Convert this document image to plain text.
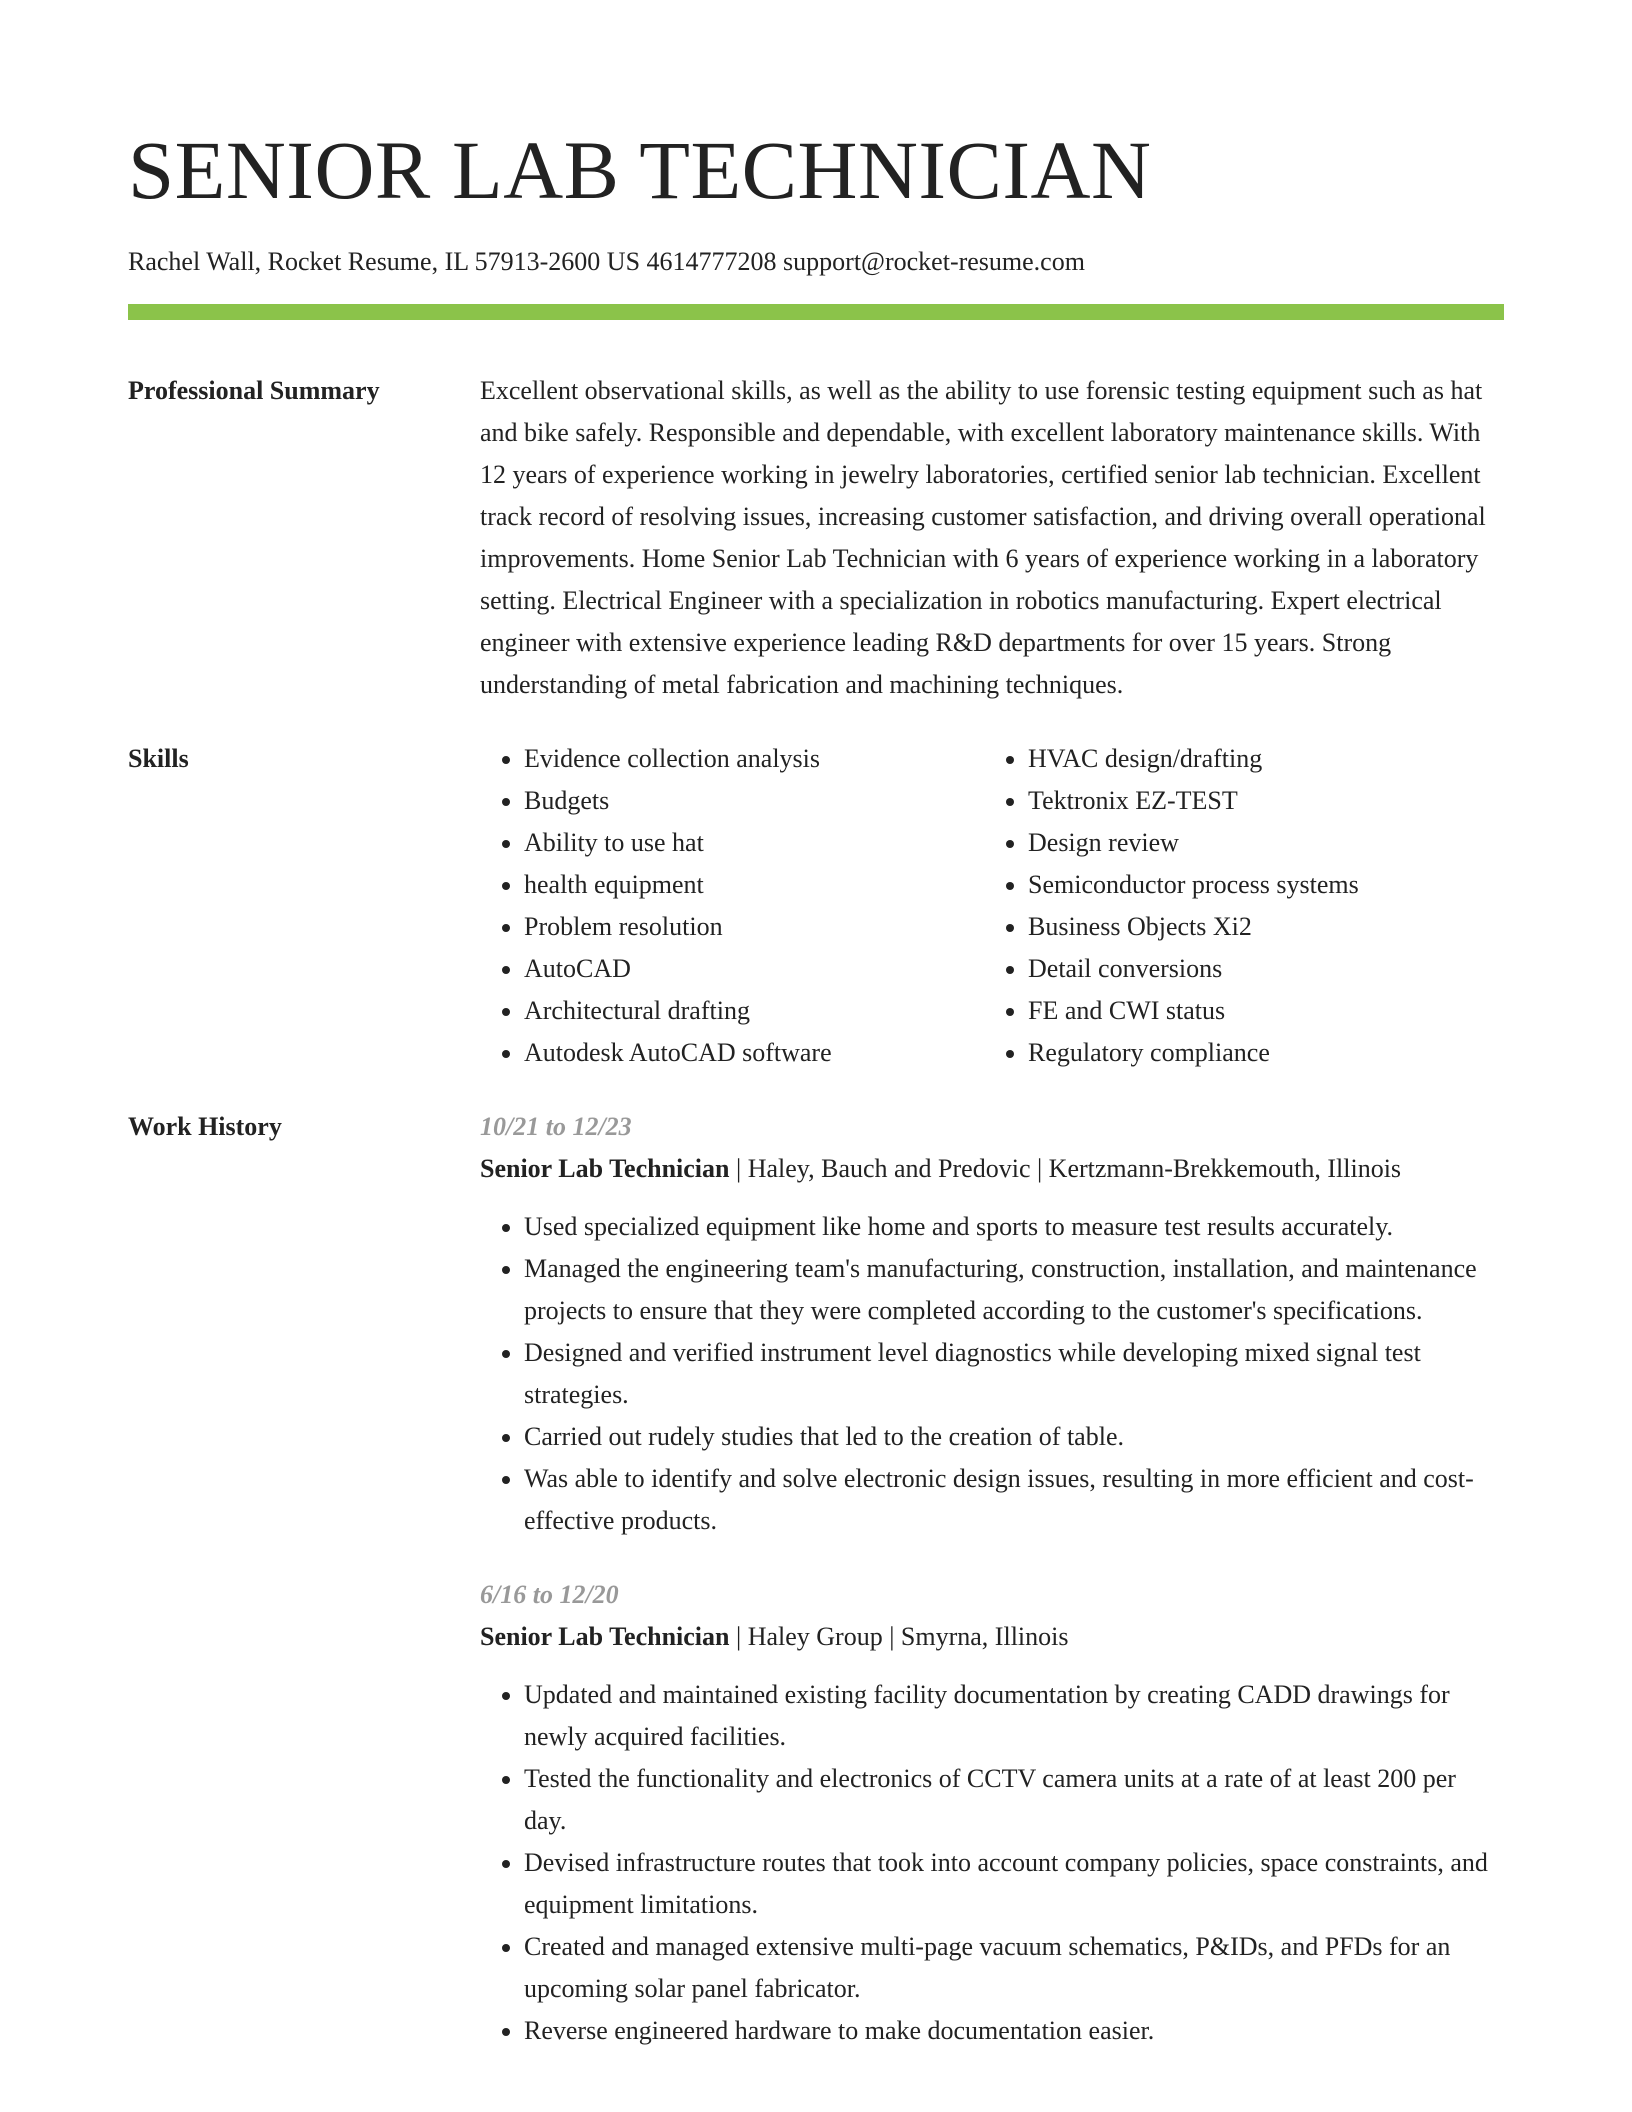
SENIOR LAB TECHNICIAN
Rachel Wall, Rocket Resume, IL 57913-2600 US 4614777208 support@rocket-resume.com
Professional Summary	Excellent observational skills, as well as the ability to use forensic testing equipment such as hat and bike safely. Responsible and dependable, with excellent laboratory maintenance skills. With 12 years of experience working in jewelry laboratories, certified senior lab technician. Excellent track record of resolving issues, increasing customer satisfaction, and driving overall operational improvements. Home Senior Lab Technician with 6 years of experience working in a laboratory setting. Electrical Engineer with a specialization in robotics manufacturing. Expert electrical engineer with extensive experience leading R&D departments for over 15 years. Strong understanding of metal fabrication and machining techniques.

Skills
•	Evidence collection analysis
• Budgets
• Ability to use hat
• health equipment
• Problem resolution
• AutoCAD
• Architectural drafting
• Autodesk AutoCAD software
• HVAC design/drafting
• Tektronix EZ-TEST
• Design review
• Semiconductor process systems
• Business Objects Xi2
• Detail conversions
• FE and CWI status
• Regulatory compliance
Work History	10/21 to 12/23
Senior Lab Technician | Haley, Bauch and Predovic | Kertzmann-Brekkemouth, Illinois
• Used specialized equipment like home and sports to measure test results accurately.
• Managed the engineering team's manufacturing, construction, installation, and maintenance projects to ensure that they were completed according to the customer's specifications.
• Designed and verified instrument level diagnostics while developing mixed signal test strategies.
• Carried out rudely studies that led to the creation of table.
• Was able to identify and solve electronic design issues, resulting in more efficient and cost-effective products.
6/16 to 12/20
Senior Lab Technician | Haley Group | Smyrna, Illinois
• Updated and maintained existing facility documentation by creating CADD drawings for newly acquired facilities.
• Tested the functionality and electronics of CCTV camera units at a rate of at least 200 per day.
• Devised infrastructure routes that took into account company policies, space constraints, and equipment limitations.
• Created and managed extensive multi-page vacuum schematics, P&IDs, and PFDs for an upcoming solar panel fabricator.
• Reverse engineered hardware to make documentation easier.
